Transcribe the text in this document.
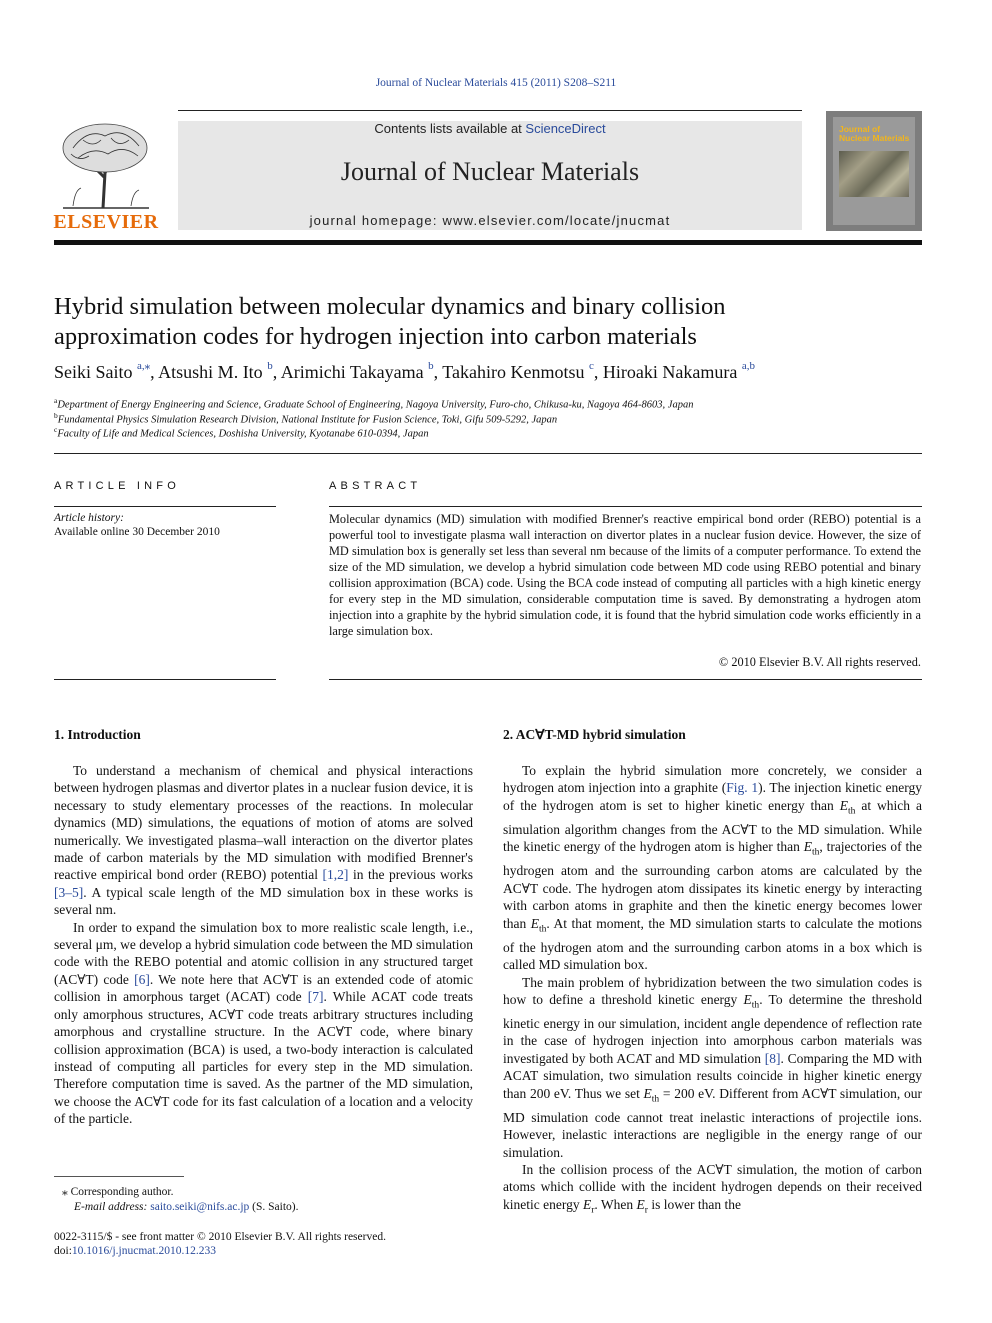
Journal of Nuclear Materials 415 (2011) S208–S211
ELSEVIER
Contents lists available at ScienceDirect
Journal of Nuclear Materials
journal homepage: www.elsevier.com/locate/jnucmat
Journal of Nuclear Materials
Hybrid simulation between molecular dynamics and binary collision
approximation codes for hydrogen injection into carbon materials
Seiki Saito $^{a,⁎}$, Atsushi M. Ito $^b$, Arimichi Takayama $^b$, Takahiro Kenmotsu $^c$, Hiroaki Nakamura $^{a,b}$
$^a$Department of Energy Engineering and Science, Graduate School of Engineering, Nagoya University, Furo-cho, Chikusa-ku, Nagoya 464-8603, Japan
$^b$Fundamental Physics Simulation Research Division, National Institute for Fusion Science, Toki, Gifu 509-5292, Japan
$^c$Faculty of Life and Medical Sciences, Doshisha University, Kyotanabe 610-0394, Japan
ARTICLE INFO
Article history:
Available online 30 December 2010
ABSTRACT
Molecular dynamics (MD) simulation with modified Brenner's reactive empirical bond order (REBO) potential is a powerful tool to investigate plasma wall interaction on divertor plates in a nuclear fusion device. However, the size of MD simulation box is generally set less than several nm because of the limits of a computer performance. To extend the size of the MD simulation, we develop a hybrid simulation code between MD code using REBO potential and binary collision approximation (BCA) code. Using the BCA code instead of computing all particles with a high kinetic energy for every step in the MD simulation, considerable computation time is saved. By demonstrating a hydrogen atom injection into a graphite by the hybrid simulation code, it is found that the hybrid simulation code works efficiently in a large simulation box.
© 2010 Elsevier B.V. All rights reserved.
1. Introduction	2. AC∀T-MD hybrid simulation

To understand a mechanism of chemical and physical interactions between hydrogen plasmas and divertor plates in a nuclear fusion device, it is necessary to study elementary processes of the reactions. In molecular dynamics (MD) simulations, the equations of motion of atoms are solved numerically. We investigated plasma–wall interaction on the divertor plates made of carbon materials by the MD simulation with modified Brenner's reactive empirical bond order (REBO) potential [1,2] in the previous works [3–5]. A typical scale length of the MD simulation box in these works is several nm.

In order to expand the simulation box to more realistic scale length, i.e., several μm, we develop a hybrid simulation code between the MD simulation code with the REBO potential and atomic collision in any structured target (AC∀T) code [6]. We note here that AC∀T is an extended code of atomic collision in amorphous target (ACAT) code [7]. While ACAT code treats only amorphous structures, AC∀T code treats arbitrary structures including amorphous and crystalline structure. In the AC∀T code, where binary collision approximation (BCA) is used, a two-body interaction is calculated instead of computing all particles for every step in the MD simulation. Therefore computation time is saved. As the partner of the MD simulation, we choose the AC∀T code for its fast calculation of a location and a velocity of the particle.

To explain the hybrid simulation more concretely, we consider a hydrogen atom injection into a graphite (Fig. 1). The injection kinetic energy of the hydrogen atom is set to higher kinetic energy than $E_{th}$ at which a simulation algorithm changes from the AC∀T to the MD simulation. While the kinetic energy of the hydrogen atom is higher than $E_{th}$, trajectories of the hydrogen atom and the surrounding carbon atoms are calculated by the AC∀T code. The hydrogen atom dissipates its kinetic energy by interacting with carbon atoms in graphite and then the kinetic energy becomes lower than $E_{th}$. At that moment, the MD simulation starts to calculate the motions of the hydrogen atom and the surrounding carbon atoms in a box which is called MD simulation box.

The main problem of hybridization between the two simulation codes is how to define a threshold kinetic energy $E_{th}$. To determine the threshold kinetic energy in our simulation, incident angle dependence of reflection rate in the case of hydrogen injection into amorphous carbon materials was investigated by both ACAT and MD simulation [8]. Comparing the MD with ACAT simulation, two simulation results coincide in higher kinetic energy than 200 eV. Thus we set $E_{th} = 200$ eV. Different from AC∀T simulation, our MD simulation code cannot treat inelastic interactions of projectile ions. However, inelastic interactions are negligible in the energy range of our simulation.

In the collision process of the AC∀T simulation, the motion of carbon atoms which collide with the incident hydrogen depends on their received kinetic energy $E_r$. When $E_r$ is lower than the

⁎ Corresponding author.
E-mail address: saito.seiki@nifs.ac.jp (S. Saito).
0022-3115/$ - see front matter © 2010 Elsevier B.V. All rights reserved.
doi:10.1016/j.jnucmat.2010.12.233
